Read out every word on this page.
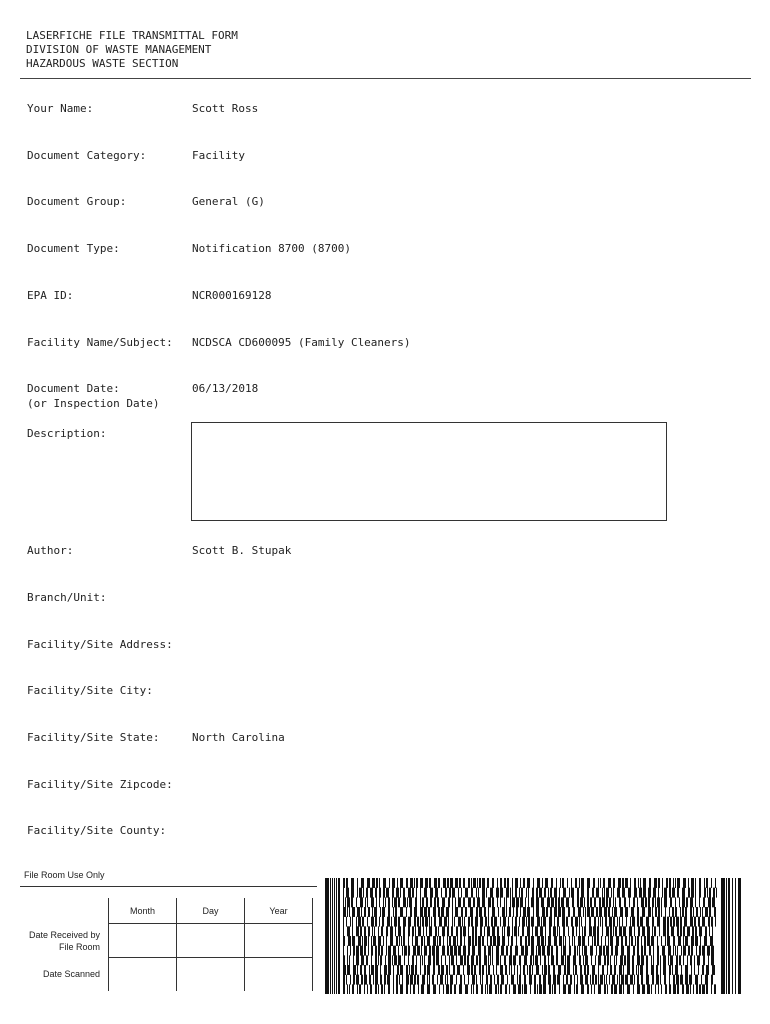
LASERFICHE FILE TRANSMITTAL FORM
DIVISION OF WASTE MANAGEMENT
HAZARDOUS WASTE SECTION
Your Name:	Scott Ross
Document Category:	Facility
Document Group:	General (G)
Document Type:	Notification 8700 (8700)
EPA ID:	NCR000169128
Facility Name/Subject: NCDSCA CD600095 (Family Cleaners)
Document Date:
(or Inspection Date)
06/13/2018
Description:
Author:	Scott B. Stupak
Branch/Unit:
Facility/Site Address:
Facility/Site City:
Facility/Site State:	North Carolina
Facility/Site Zipcode:
Facility/Site County:
File Room Use Only
	Month	Day	Year
Date Received by File Room			
Date Scanned			
